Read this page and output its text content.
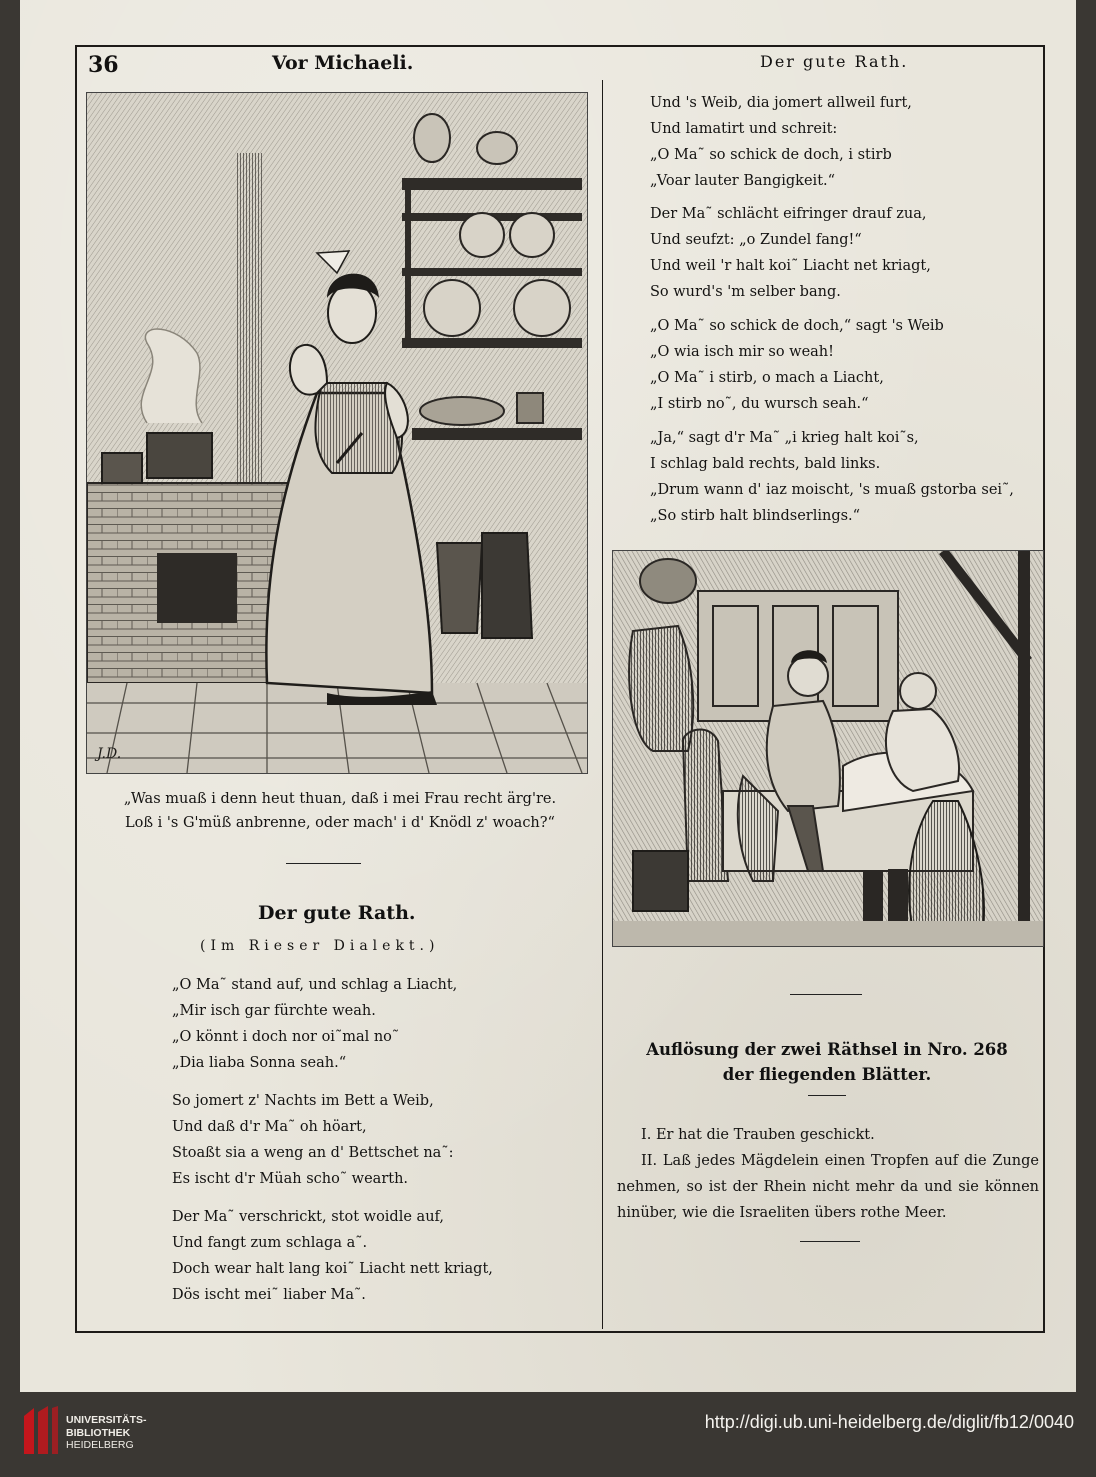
36	Vor Michaeli.	Der gute Rath.
J.D.
„Was muaß i denn heut thuan, daß i mei Frau recht ärg're.
Loß i 's G'müß anbrenne, oder mach' i d' Knödl z' woach?“
Der gute Rath.
(Im Rieser Dialekt.)
„O Ma˜ stand auf, und schlag a Liacht,
„Mir isch gar fürchte weah.
„O könnt i doch nor oi˜mal no˜
„Dia liaba Sonna seah.“
So jomert z' Nachts im Bett a Weib,
Und daß d'r Ma˜ oh höart,
Stoaßt sia a weng an d' Bettschet na˜:
Es ischt d'r Müah scho˜ wearth.
Der Ma˜ verschrickt, stot woidle auf,
Und fangt zum schlaga a˜.
Doch wear halt lang koi˜ Liacht nett kriagt,
Dös ischt mei˜ liaber Ma˜.
Und 's Weib, dia jomert allweil furt,
Und lamatirt und schreit:
„O Ma˜ so schick de doch, i stirb
„Voar lauter Bangigkeit.“
Der Ma˜ schlächt eifringer drauf zua,
Und seufzt: „o Zundel fang!“
Und weil 'r halt koi˜ Liacht net kriagt,
So wurd's 'm selber bang.
„O Ma˜ so schick de doch,“ sagt 's Weib
„O wia isch mir so weah!
„O Ma˜ i stirb, o mach a Liacht,
„I stirb no˜, du wursch seah.“
„Ja,“ sagt d'r Ma˜ „i krieg halt koi˜s,
I schlag bald rechts, bald links.
„Drum wann d' iaz moischt, 's muaß gstorba sei˜,
„So stirb halt blindserlings.“
Auflösung der zwei Räthsel in Nro. 268
der fliegenden Blätter.
I. Er hat die Trauben geschickt.
II. Laß jedes Mägdelein einen Tropfen auf die Zunge nehmen, so ist der Rhein nicht mehr da und sie können hinüber, wie die Israeliten übers rothe Meer.
UNIVERSITÄTS-
BIBLIOTHEK
HEIDELBERG
http://digi.ub.uni-heidelberg.de/diglit/fb12/0040
